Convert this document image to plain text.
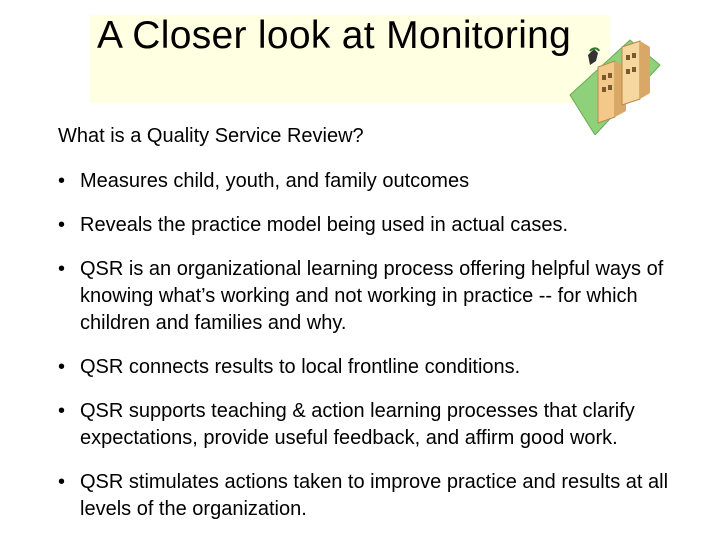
A Closer look at Monitoring
What is a Quality Service Review?
• Measures child, youth, and family outcomes
• Reveals the practice model being used in actual cases.
• QSR is an organizational learning process offering helpful ways of knowing what’s working and not working in practice -- for which children and families and why.
• QSR connects results to local frontline conditions.
• QSR supports teaching & action learning processes that clarify expectations, provide useful feedback, and affirm good work.
• QSR stimulates actions taken to improve practice and results at all levels of the organization.
